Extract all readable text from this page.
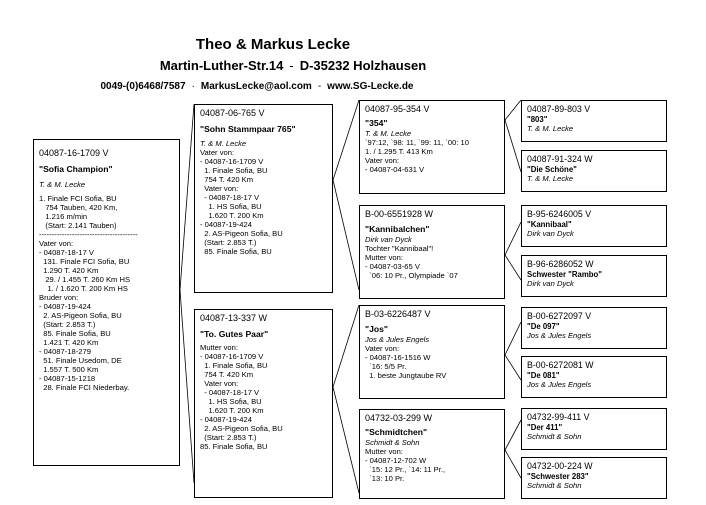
Theo & Markus Lecke
Martin-Luther-Str.14 - D-35232 Holzhausen
0049-(0)6468/7587 · MarkusLecke@aol.com - www.SG-Lecke.de
04087-16-1709 V
"Sofia Champion"
T. & M. Lecke
1. Finale FCI Sofia, BU
754 Tauben, 420 Km,
1.216 m/min
(Start: 2.141 Tauben)
---------------------------------------
Vater von:
- 04087-18-17 V
131. Finale FCI Sofia, BU
1.290 T. 420 Km
29. / 1.455 T. 260 Km HS
1. / 1.620 T. 200 Km HS
Bruder von:
- 04087-19-424
2. AS-Pigeon Sofia, BU
(Start: 2.853 T.)
85. Finale Sofia, BU
1.421 T. 420 Km
- 04087-18-279
51. Finale Usedom, DE
1.557 T. 500 Km
- 04087-15-1218
28. Finale FCI Niederbay.
04087-06-765 V
"Sohn Stammpaar 765"
T. & M. Lecke
Vater von:
- 04087-16-1709 V
1. Finale Sofia, BU
754 T. 420 Km
Vater von:
- 04087-18-17 V
1. HS Sofia, BU
1.620 T. 200 Km
- 04087-19-424
2. AS-Pigeon Sofia, BU
(Start: 2.853 T.)
85. Finale Sofia, BU
04087-13-337 W
"To. Gutes Paar"
Mutter von:
- 04087-16-1709 V
1. Finale Sofia, BU
754 T. 420 Km
Vater von:
- 04087-18-17 V
1. HS Sofia, BU
1.620 T. 200 Km
- 04087-19-424
2. AS-Pigeon Sofia, BU
(Start: 2.853 T.)
85. Finale Sofia, BU
04087-95-354 V
"354"
T. & M. Lecke
`97:12, `98: 11, `99: 11, `00: 10
1. / 1.295 T. 413 Km
Vater von:
- 04087-04-631 V
B-00-6551928 W
"Kannibalchen"
Dirk van Dyck
Tochter "Kannibaal"!
Mutter von:
- 04087-03-65 V
`06: 10 Pr., Olympiade `07
B-03-6226487 V
"Jos"
Jos & Jules Engels
Vater von:
- 04087-16-1516 W
`16: 5/5 Pr.
1. beste Jungtaube RV
04732-03-299 W
"Schmidtchen"
Schmidt & Sohn
Mutter von:
- 04087-12-702 W
`15: 12 Pr., `14: 11 Pr.,
`13: 10 Pr.
04087-89-803 V
"803"
T. & M. Lecke
04087-91-324 W
"Die Schöne"
T. & M. Lecke
B-95-6246005 V
"Kannibaal"
Dirk van Dyck
B-96-6286052 W
Schwester "Rambo"
Dirk van Dyck
B-00-6272097 V
"De 097"
Jos & Jules Engels
B-00-6272081 W
"De 081"
Jos & Jules Engels
04732-99-411 V
"Der 411"
Schmidt & Sohn
04732-00-224 W
"Schwester 283"
Schmidt & Sohn
